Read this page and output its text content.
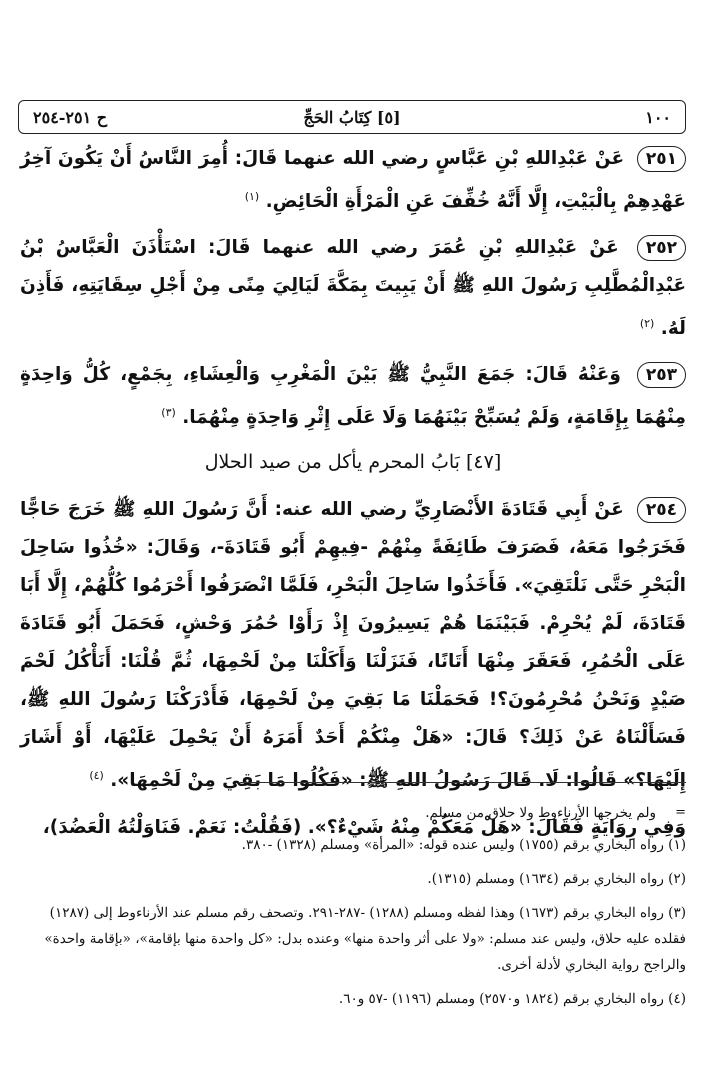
١٠٠
[٥] كِتَابُ الحَجِّ
ح ٢٥١-٢٥٤
٢٥١ عَنْ عَبْدِاللهِ بْنِ عَبَّاسٍ رضي الله عنهما قَالَ: أُمِرَ النَّاسُ أَنْ يَكُونَ آخِرُ عَهْدِهِمْ بِالْبَيْتِ، إِلَّا أَنَّهُ خُفِّفَ عَنِ الْمَرْأَةِ الْحَائِضِ. $^{(١)}$
٢٥٢ عَنْ عَبْدِاللهِ بْنِ عُمَرَ رضي الله عنهما قَالَ: اسْتَأْذَنَ الْعَبَّاسُ بْنُ عَبْدِالْمُطَّلِبِ رَسُولَ اللهِ ﷺ أَنْ يَبِيتَ بِمَكَّةَ لَيَالِيَ مِنًى مِنْ أَجْلِ سِقَايَتِهِ، فَأَذِنَ لَهُ. $^{(٢)}$
٢٥٣ وَعَنْهُ قَالَ: جَمَعَ النَّبِيُّ ﷺ بَيْنَ الْمَغْرِبِ وَالْعِشَاءِ، بِجَمْعٍ، كُلُّ وَاحِدَةٍ مِنْهُمَا بِإِقَامَةٍ، وَلَمْ يُسَبِّحْ بَيْنَهُمَا وَلَا عَلَى إِثْرِ وَاحِدَةٍ مِنْهُمَا. $^{(٣)}$
[٤٧] بَابُ المحرم يأكل من صيد الحلال
٢٥٤ عَنْ أَبِي قَتَادَةَ الأَنْصَارِيِّ رضي الله عنه: أَنَّ رَسُولَ اللهِ ﷺ خَرَجَ حَاجًّا فَخَرَجُوا مَعَهُ، فَصَرَفَ طَائِفَةً مِنْهُمْ -فِيهِمْ أَبُو قَتَادَةَ-، وَقَالَ: «خُذُوا سَاحِلَ الْبَحْرِ حَتَّى نَلْتَقِيَ». فَأَخَذُوا سَاحِلَ الْبَحْرِ، فَلَمَّا انْصَرَفُوا أَحْرَمُوا كُلُّهُمْ، إِلَّا أَبَا قَتَادَةَ، لَمْ يُحْرِمْ. فَبَيْنَمَا هُمْ يَسِيرُونَ إِذْ رَأَوْا حُمُرَ وَحْشٍ، فَحَمَلَ أَبُو قَتَادَةَ عَلَى الْحُمُرِ، فَعَقَرَ مِنْهَا أَتَانًا، فَنَزَلْنَا وَأَكَلْنَا مِنْ لَحْمِهَا، ثُمَّ قُلْنَا: أَنَأْكُلُ لَحْمَ صَيْدٍ وَنَحْنُ مُحْرِمُونَ؟! فَحَمَلْنَا مَا بَقِيَ مِنْ لَحْمِهَا، فَأَدْرَكْنَا رَسُولَ اللهِ ﷺ، فَسَأَلْنَاهُ عَنْ ذَلِكَ؟ قَالَ: «هَلْ مِنْكُمْ أَحَدٌ أَمَرَهُ أَنْ يَحْمِلَ عَلَيْهَا، أَوْ أَشَارَ إِلَيْهَا؟» قَالُوا: لَا. قَالَ رَسُولُ اللهِ ﷺ: «فَكُلُوا مَا بَقِيَ مِنْ لَحْمِهَا». $^{(٤)}$
وَفِي رِوَايَةٍ فَقَالَ: «هَلْ مَعَكُمْ مِنْهُ شَيْءٌ؟». (فَقُلْتُ: نَعَمْ. فَنَاوَلْتُهُ الْعَضُدَ)،
=
ولم يخرجها الأرناءوط ولا حلاق من مسلم.

(١) رواه البخاري برقم (١٧٥٥) وليس عنده قوله: «المرأة» ومسلم (١٣٢٨) -٣٨٠.

(٢) رواه البخاري برقم (١٦٣٤) ومسلم (١٣١٥).

(٣) رواه البخاري برقم (١٦٧٣) وهذا لفظه ومسلم (١٢٨٨) -٢٨٧-٢٩١. وتصحف رقم مسلم عند الأرناءوط إلى (١٢٨٧) فقلده عليه حلاق، وليس عند مسلم: «ولا على أثر واحدة منها» وعنده بدل: «كل واحدة منها بإقامة»، «بإقامة واحدة» والراجح رواية البخاري لأدلة أخرى.

(٤) رواه البخاري برقم (١٨٢٤ و٢٥٧٠) ومسلم (١١٩٦) -٥٧ و٦٠.
